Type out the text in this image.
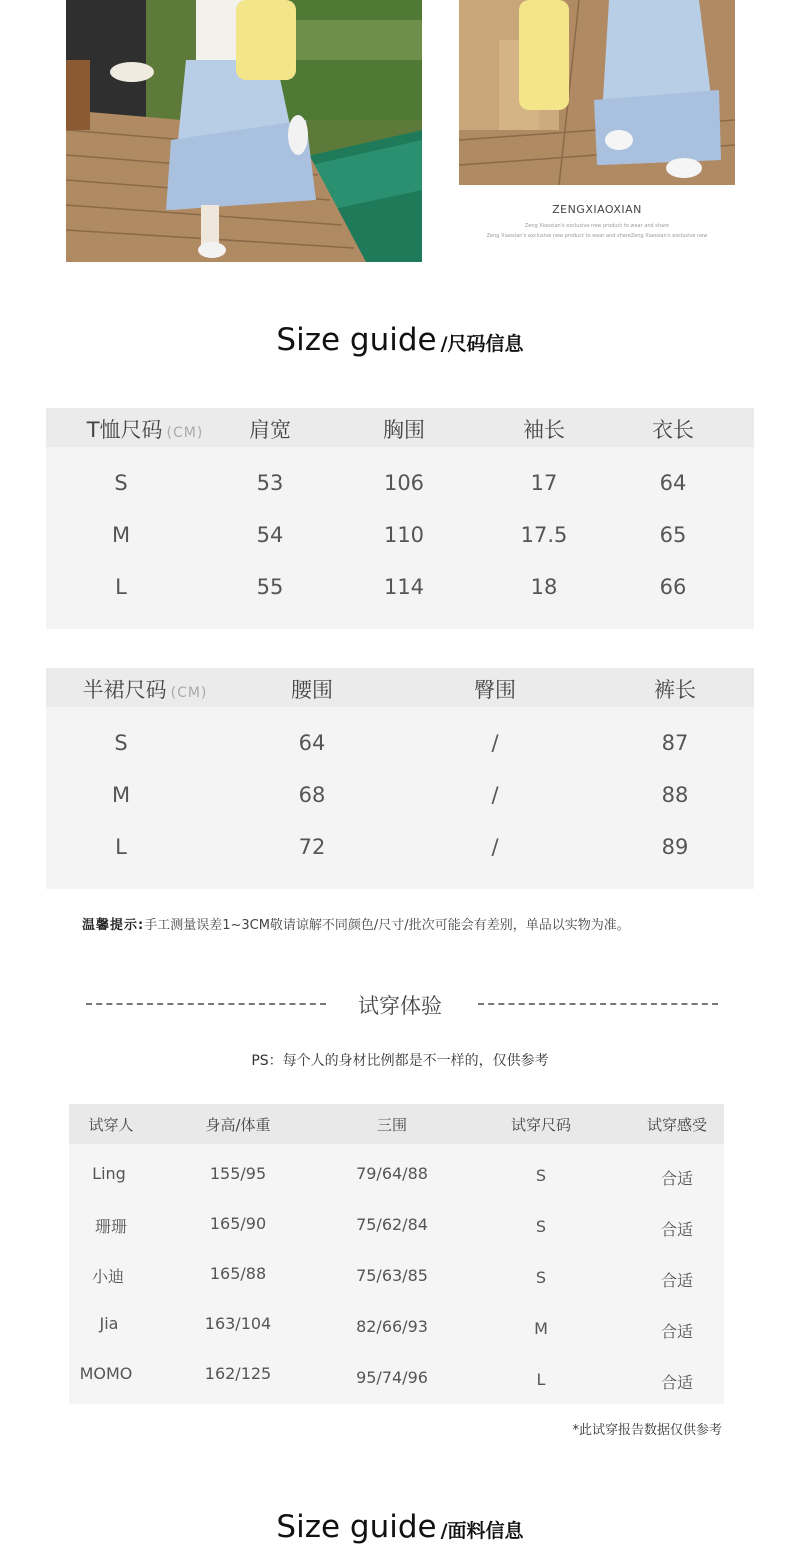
ZENGXIAOXIAN
Zeng Xiaoxian's exclusive new product to wear and share
Zeng Xiaoxian's exclusive new product to wear and shareZeng Xiaoxian's exclusive new
Size guide /尺码信息
T恤尺码 (CM) 肩宽	胸围	袖长	衣长
S	53	106	17	64
M	54	110	17.5	65
L	55	114	18	66
半裙尺码 (CM)	腰围	臀围	裤长
S	64	/	87
M	68	/	88
L	72	/	89
温馨提示:手工测量误差1~3CM敬请谅解不同颜色/尺寸/批次可能会有差别，单品以实物为准。
试穿体验
PS：每个人的身材比例都是不一样的，仅供参考
试穿人	身高/体重	三围	试穿尺码	试穿感受
Ling	155/95	79/64/88	S	合适
珊珊	165/90	75/62/84	S	合适
小迪	165/88	75/63/85	S	合适
Jia	163/104	82/66/93	M	合适
MOMO	162/125	95/74/96	L	合适
*此试穿报告数据仅供参考
Size guide /面料信息
